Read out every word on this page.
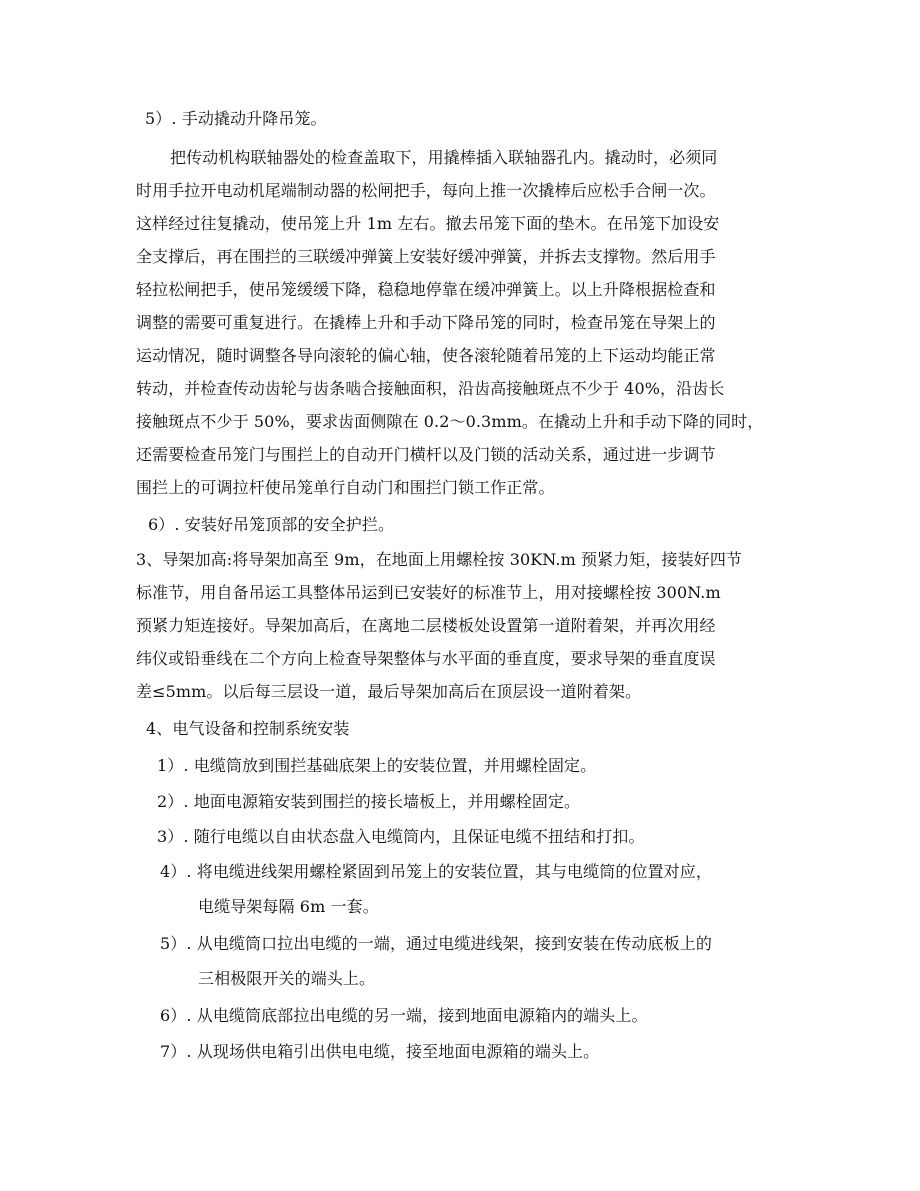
5）. 手动撬动升降吊笼。

把传动机构联轴器处的检查盖取下，用撬棒插入联轴器孔内。撬动时，必须同

时用手拉开电动机尾端制动器的松闸把手，每向上推一次撬棒后应松手合闸一次。

这样经过往复撬动，使吊笼上升 1m 左右。撤去吊笼下面的垫木。在吊笼下加设安

全支撑后，再在围拦的三联缓冲弹簧上安装好缓冲弹簧，并拆去支撑物。然后用手

轻拉松闸把手，使吊笼缓缓下降，稳稳地停靠在缓冲弹簧上。以上升降根据检查和

调整的需要可重复进行。在撬棒上升和手动下降吊笼的同时，检查吊笼在导架上的

运动情况，随时调整各导向滚轮的偏心轴，使各滚轮随着吊笼的上下运动均能正常

转动，并检查传动齿轮与齿条啮合接触面积，沿齿高接触斑点不少于 40%，沿齿长

接触斑点不少于 50%，要求齿面侧隙在 0.2～0.3mm。在撬动上升和手动下降的同时，

还需要检查吊笼门与围拦上的自动开门横杆以及门锁的活动关系，通过进一步调节

围拦上的可调拉杆使吊笼单行自动门和围拦门锁工作正常。

6）. 安装好吊笼顶部的安全护拦。

3、导架加高:将导架加高至 9m，在地面上用螺栓按 30KN.m 预紧力矩，接装好四节

标准节，用自备吊运工具整体吊运到已安装好的标准节上，用对接螺栓按 300N.m

预紧力矩连接好。导架加高后，在离地二层楼板处设置第一道附着架，并再次用经

纬仪或铅垂线在二个方向上检查导架整体与水平面的垂直度，要求导架的垂直度误

差≤5mm。以后每三层设一道，最后导架加高后在顶层设一道附着架。

4、电气设备和控制系统安装

1）. 电缆筒放到围拦基础底架上的安装位置，并用螺栓固定。

2）. 地面电源箱安装到围拦的接长墙板上，并用螺栓固定。

3）. 随行电缆以自由状态盘入电缆筒内，且保证电缆不扭结和打扣。

4）. 将电缆进线架用螺栓紧固到吊笼上的安装位置，其与电缆筒的位置对应，

电缆导架每隔 6m 一套。

5）. 从电缆筒口拉出电缆的一端，通过电缆进线架，接到安装在传动底板上的

三相极限开关的端头上。

6）. 从电缆筒底部拉出电缆的另一端，接到地面电源箱内的端头上。

7）. 从现场供电箱引出供电电缆，接至地面电源箱的端头上。
